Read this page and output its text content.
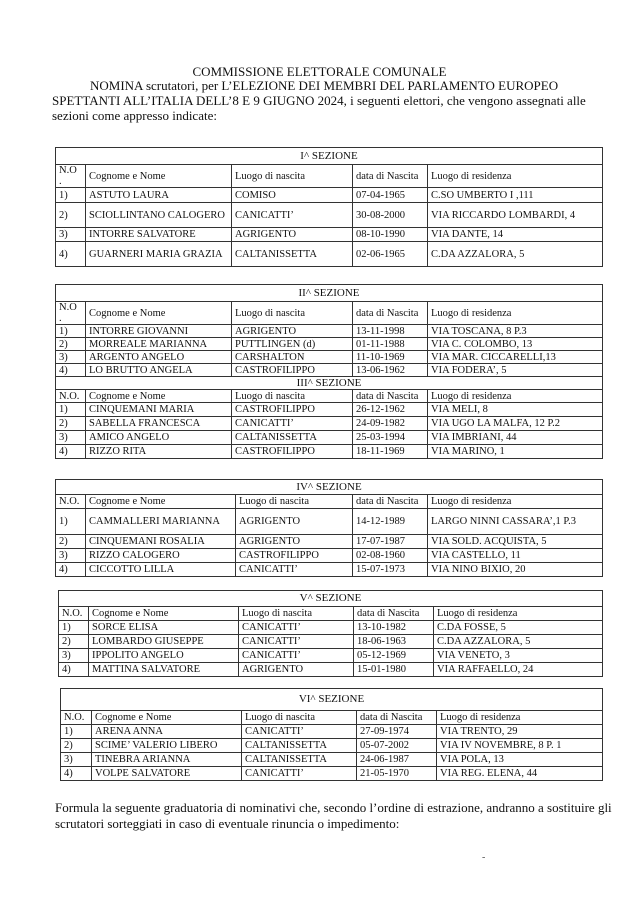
COMMISSIONE ELETTORALE COMUNALE
NOMINA scrutatori, per L’ELEZIONE DEI MEMBRI DEL PARLAMENTO EUROPEO
SPETTANTI ALL’ITALIA DELL’8 E 9 GIUGNO 2024, i seguenti elettori, che vengono assegnati alle
sezioni come appresso indicate:
I^ SEZIONE				
N.O
.	Cognome e Nome	Luogo di nascita	data di Nascita	Luogo di residenza
1)	ASTUTO LAURA	COMISO	07-04-1965	C.SO UMBERTO I ,111
2)	SCIOLLINTANO CALOGERO	CANICATTI’	30-08-2000	VIA RICCARDO LOMBARDI, 4
3)	INTORRE SALVATORE	AGRIGENTO	08-10-1990	VIA DANTE, 14
4)	GUARNERI MARIA GRAZIA	CALTANISSETTA	02-06-1965	C.DA AZZALORA, 5
II^ SEZIONE				
N.O
.	Cognome e Nome	Luogo di nascita	data di Nascita	Luogo di residenza
1)	INTORRE GIOVANNI	AGRIGENTO	13-11-1998	VIA TOSCANA, 8 P.3
2)	MORREALE MARIANNA	PUTTLINGEN (d)	01-11-1988	VIA C. COLOMBO, 13
3)	ARGENTO ANGELO	CARSHALTON	11-10-1969	VIA MAR. CICCARELLI,13
4)	LO BRUTTO ANGELA	CASTROFILIPPO	13-06-1962	VIA FODERA’, 5
III^ SEZIONE				
N.O.	Cognome e Nome	Luogo di nascita	data di Nascita	Luogo di residenza
1)	CINQUEMANI MARIA	CASTROFILIPPO	26-12-1962	VIA MELI, 8
2)	SABELLA FRANCESCA	CANICATTI’	24-09-1982	VIA UGO LA MALFA, 12 P.2
3)	AMICO ANGELO	CALTANISSETTA	25-03-1994	VIA IMBRIANI, 44
4)	RIZZO RITA	CASTROFILIPPO	18-11-1969	VIA MARINO, 1
IV^ SEZIONE				
N.O.	Cognome e Nome	Luogo di nascita	data di Nascita	Luogo di residenza
1)	CAMMALLERI MARIANNA	AGRIGENTO	14-12-1989	LARGO NINNI CASSARA’,1 P.3
2)	CINQUEMANI ROSALIA	AGRIGENTO	17-07-1987	VIA SOLD. ACQUISTA, 5
3)	RIZZO CALOGERO	CASTROFILIPPO	02-08-1960	VIA CASTELLO, 11
4)	CICCOTTO LILLA	CANICATTI’	15-07-1973	VIA NINO BIXIO, 20
V^ SEZIONE				
N.O.	Cognome e Nome	Luogo di nascita	data di Nascita	Luogo di residenza
1)	SORCE ELISA	CANICATTI’	13-10-1982	C.DA FOSSE, 5
2)	LOMBARDO GIUSEPPE	CANICATTI’	18-06-1963	C.DA AZZALORA, 5
3)	IPPOLITO ANGELO	CANICATTI’	05-12-1969	VIA VENETO, 3
4)	MATTINA SALVATORE	AGRIGENTO	15-01-1980	VIA RAFFAELLO, 24
VI^ SEZIONE				
N.O.	Cognome e Nome	Luogo di nascita	data di Nascita	Luogo di residenza
1)	ARENA ANNA	CANICATTI’	27-09-1974	VIA TRENTO, 29
2)	SCIME’ VALERIO LIBERO	CALTANISSETTA	05-07-2002	VIA IV NOVEMBRE, 8 P. 1
3)	TINEBRA ARIANNA	CALTANISSETTA	24-06-1987	VIA POLA, 13
4)	VOLPE SALVATORE	CANICATTI’	21-05-1970	VIA REG. ELENA, 44
Formula la seguente graduatoria di nominativi che, secondo l’ordine di estrazione, andranno a sostituire gli scrutatori sorteggiati in caso di eventuale rinuncia o impedimento:
-
